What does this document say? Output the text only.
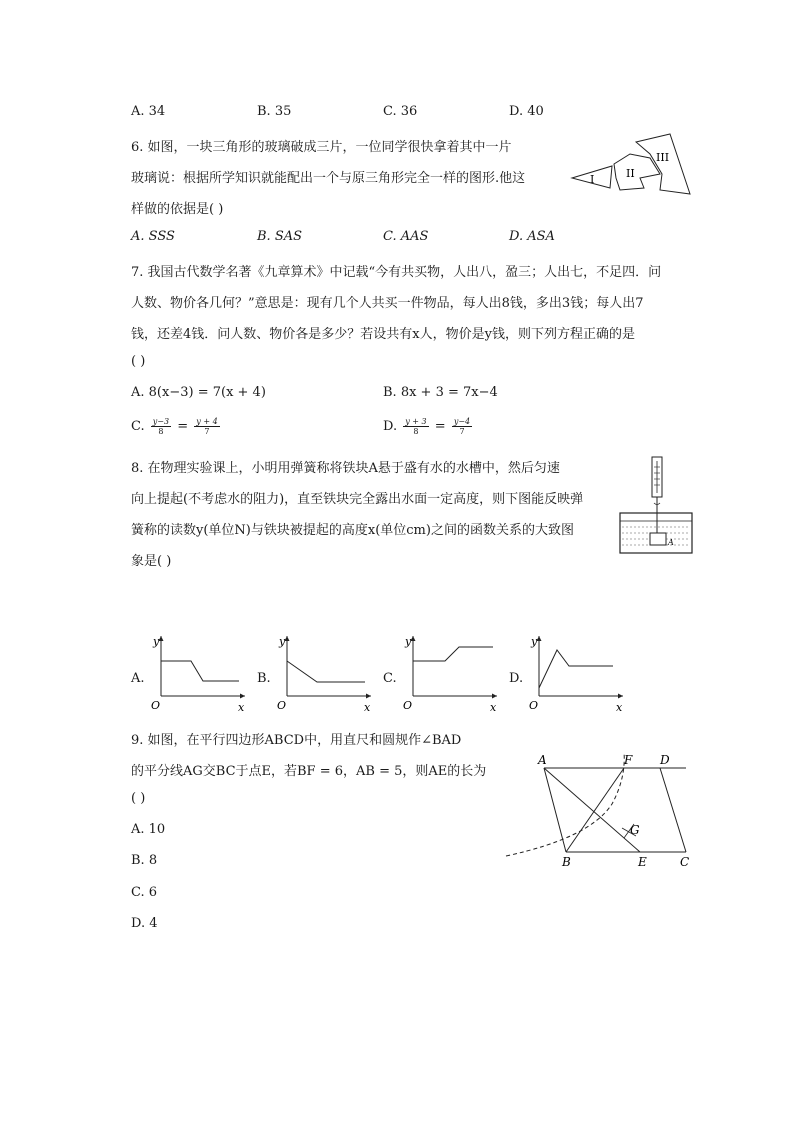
A. 34	B. 35	C. 36	D. 40
6. 如图，一块三角形的玻璃破成三片，一位同学很快拿着其中一片
玻璃说：根据所学知识就能配出一个与原三角形完全一样的图形.他这
样做的依据是( )
I	II
III
A. SSS	B. SAS	C. AAS	D. ASA
7. 我国古代数学名著《九章算术》中记载“今有共买物，人出八，盈三；人出七，不足四．问
人数、物价各几何？”意思是：现有几个人共买一件物品，每人出8钱，多出3钱；每人出7
钱，还差4钱．问人数、物价各是多少？若设共有x人，物价是y钱，则下列方程正确的是
( )
A. 8(x−3) = 7(x + 4)	B. 8x + 3 = 7x−4
C. $\frac{y-3}{8} = \frac{y + 4}{7}$	D. $\frac{y + 3}{8} = \frac{y-4}{7}$
8. 在物理实验课上，小明用弹簧称将铁块A悬于盛有水的水槽中，然后匀速
向上提起(不考虑水的阻力)，直至铁块完全露出水面一定高度，则下图能反映弹
簧称的读数y(单位N)与铁块被提起的高度x(单位cm)之间的函数关系的大致图
象是( )
A
A.
y
x
O
B.
y
x
O
C.
y
x
O
D.
y
x
O
9. 如图，在平行四边形ABCD中，用直尺和圆规作∠BAD
的平分线AG交BC于点E，若BF = 6，AB = 5，则AE的长为
( )
A. 10
B. 8
C. 6
D. 4
A	F D
G
B	E	C
